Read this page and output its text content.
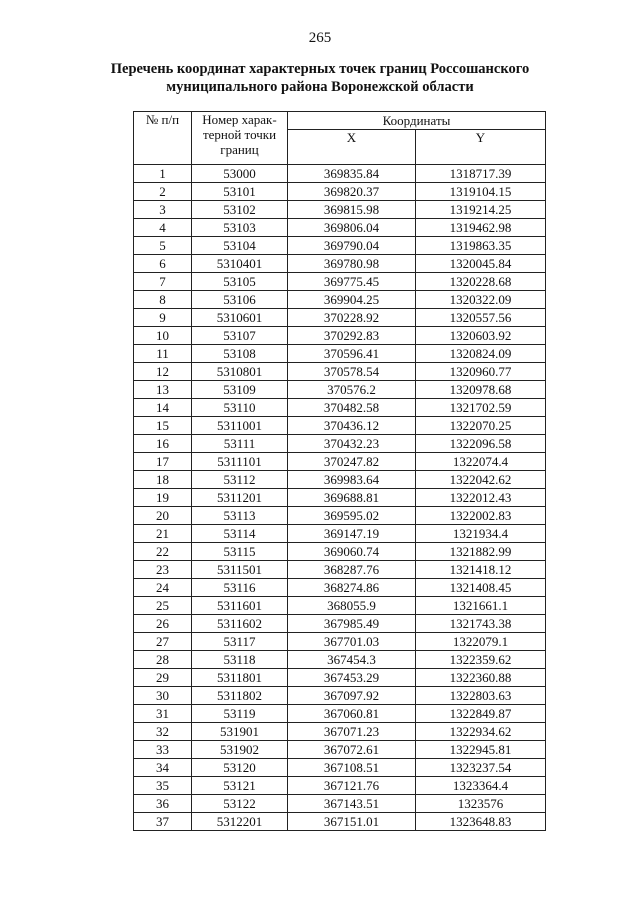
265
Перечень координат характерных точек границ Россошанского
муниципального района Воронежской области
№ п/п	Номер харак-терной точки границ	Координаты	
		X	Y
1	53000	369835.84	1318717.39
2	53101	369820.37	1319104.15
3	53102	369815.98	1319214.25
4	53103	369806.04	1319462.98
5	53104	369790.04	1319863.35
6	5310401	369780.98	1320045.84
7	53105	369775.45	1320228.68
8	53106	369904.25	1320322.09
9	5310601	370228.92	1320557.56
10	53107	370292.83	1320603.92
11	53108	370596.41	1320824.09
12	5310801	370578.54	1320960.77
13	53109	370576.2	1320978.68
14	53110	370482.58	1321702.59
15	5311001	370436.12	1322070.25
16	53111	370432.23	1322096.58
17	5311101	370247.82	1322074.4
18	53112	369983.64	1322042.62
19	5311201	369688.81	1322012.43
20	53113	369595.02	1322002.83
21	53114	369147.19	1321934.4
22	53115	369060.74	1321882.99
23	5311501	368287.76	1321418.12
24	53116	368274.86	1321408.45
25	5311601	368055.9	1321661.1
26	5311602	367985.49	1321743.38
27	53117	367701.03	1322079.1
28	53118	367454.3	1322359.62
29	5311801	367453.29	1322360.88
30	5311802	367097.92	1322803.63
31	53119	367060.81	1322849.87
32	531901	367071.23	1322934.62
33	531902	367072.61	1322945.81
34	53120	367108.51	1323237.54
35	53121	367121.76	1323364.4
36	53122	367143.51	1323576
37	5312201	367151.01	1323648.83
